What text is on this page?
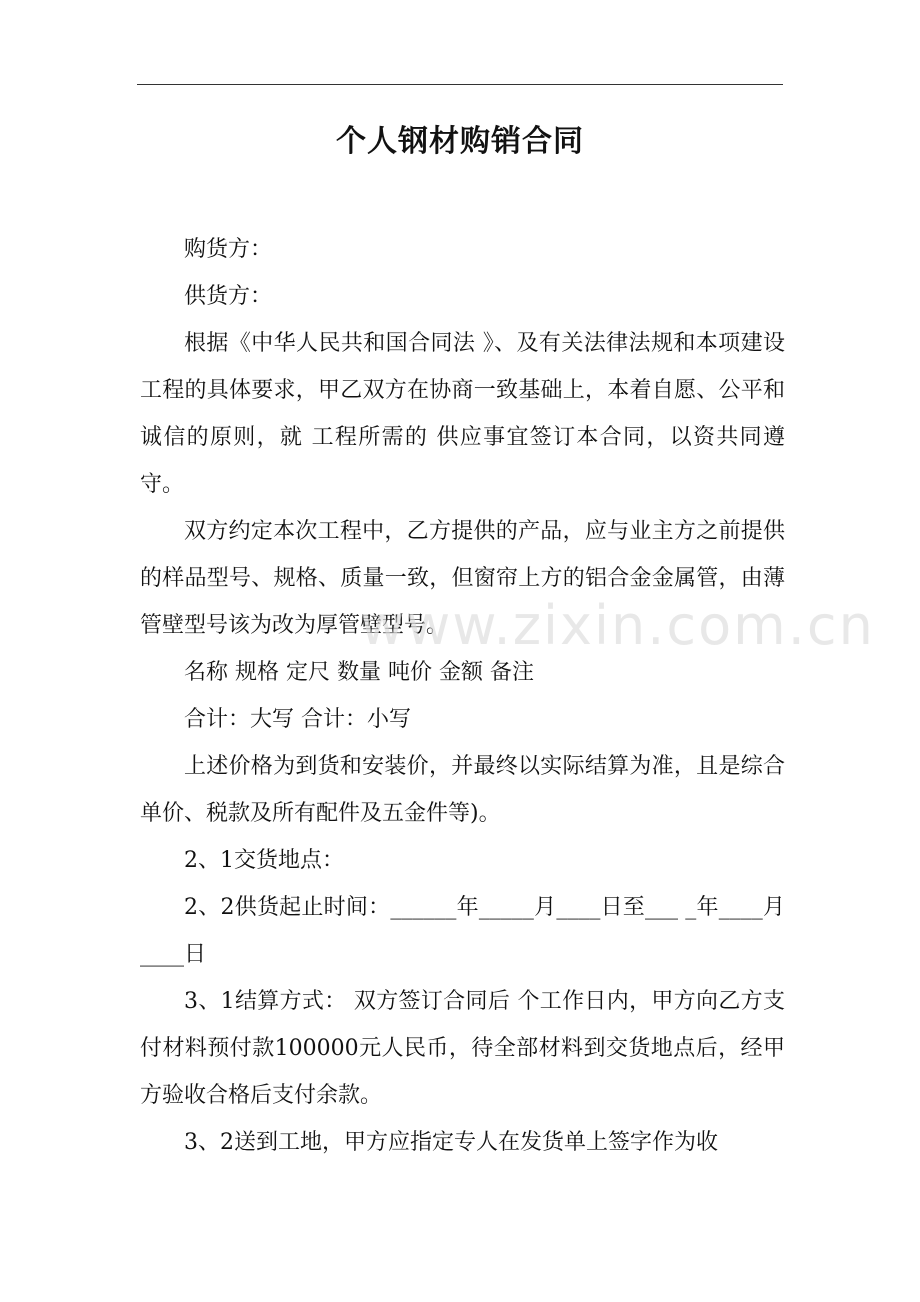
个人钢材购销合同

购货方：

供货方：

根据《中华人民共和国合同法 》、及有关法律法规和本项建设工程的具体要求，甲乙双方在协商一致基础上，本着自愿、公平和诚信的原则，就 工程所需的 供应事宜签订本合同，以资共同遵守。

双方约定本次工程中，乙方提供的产品，应与业主方之前提供的样品型号、规格、质量一致，但窗帘上方的铝合金金属管，由薄管壁型号该为改为厚管壁型号。

名称 规格 定尺 数量 吨价 金额 备注

合计：大写 合计：小写

上述价格为到货和安装价，并最终以实际结算为准，且是综合单价、税款及所有配件及五金件等)。

2、1交货地点：

2、2供货起止时间：______年_____月____日至___ _年____月____日

3、1结算方式： 双方签订合同后 个工作日内，甲方向乙方支付材料预付款100000元人民币，待全部材料到交货地点后，经甲方验收合格后支付余款。

3、2送到工地，甲方应指定专人在发货单上签字作为收

www.zixin.com.cn
